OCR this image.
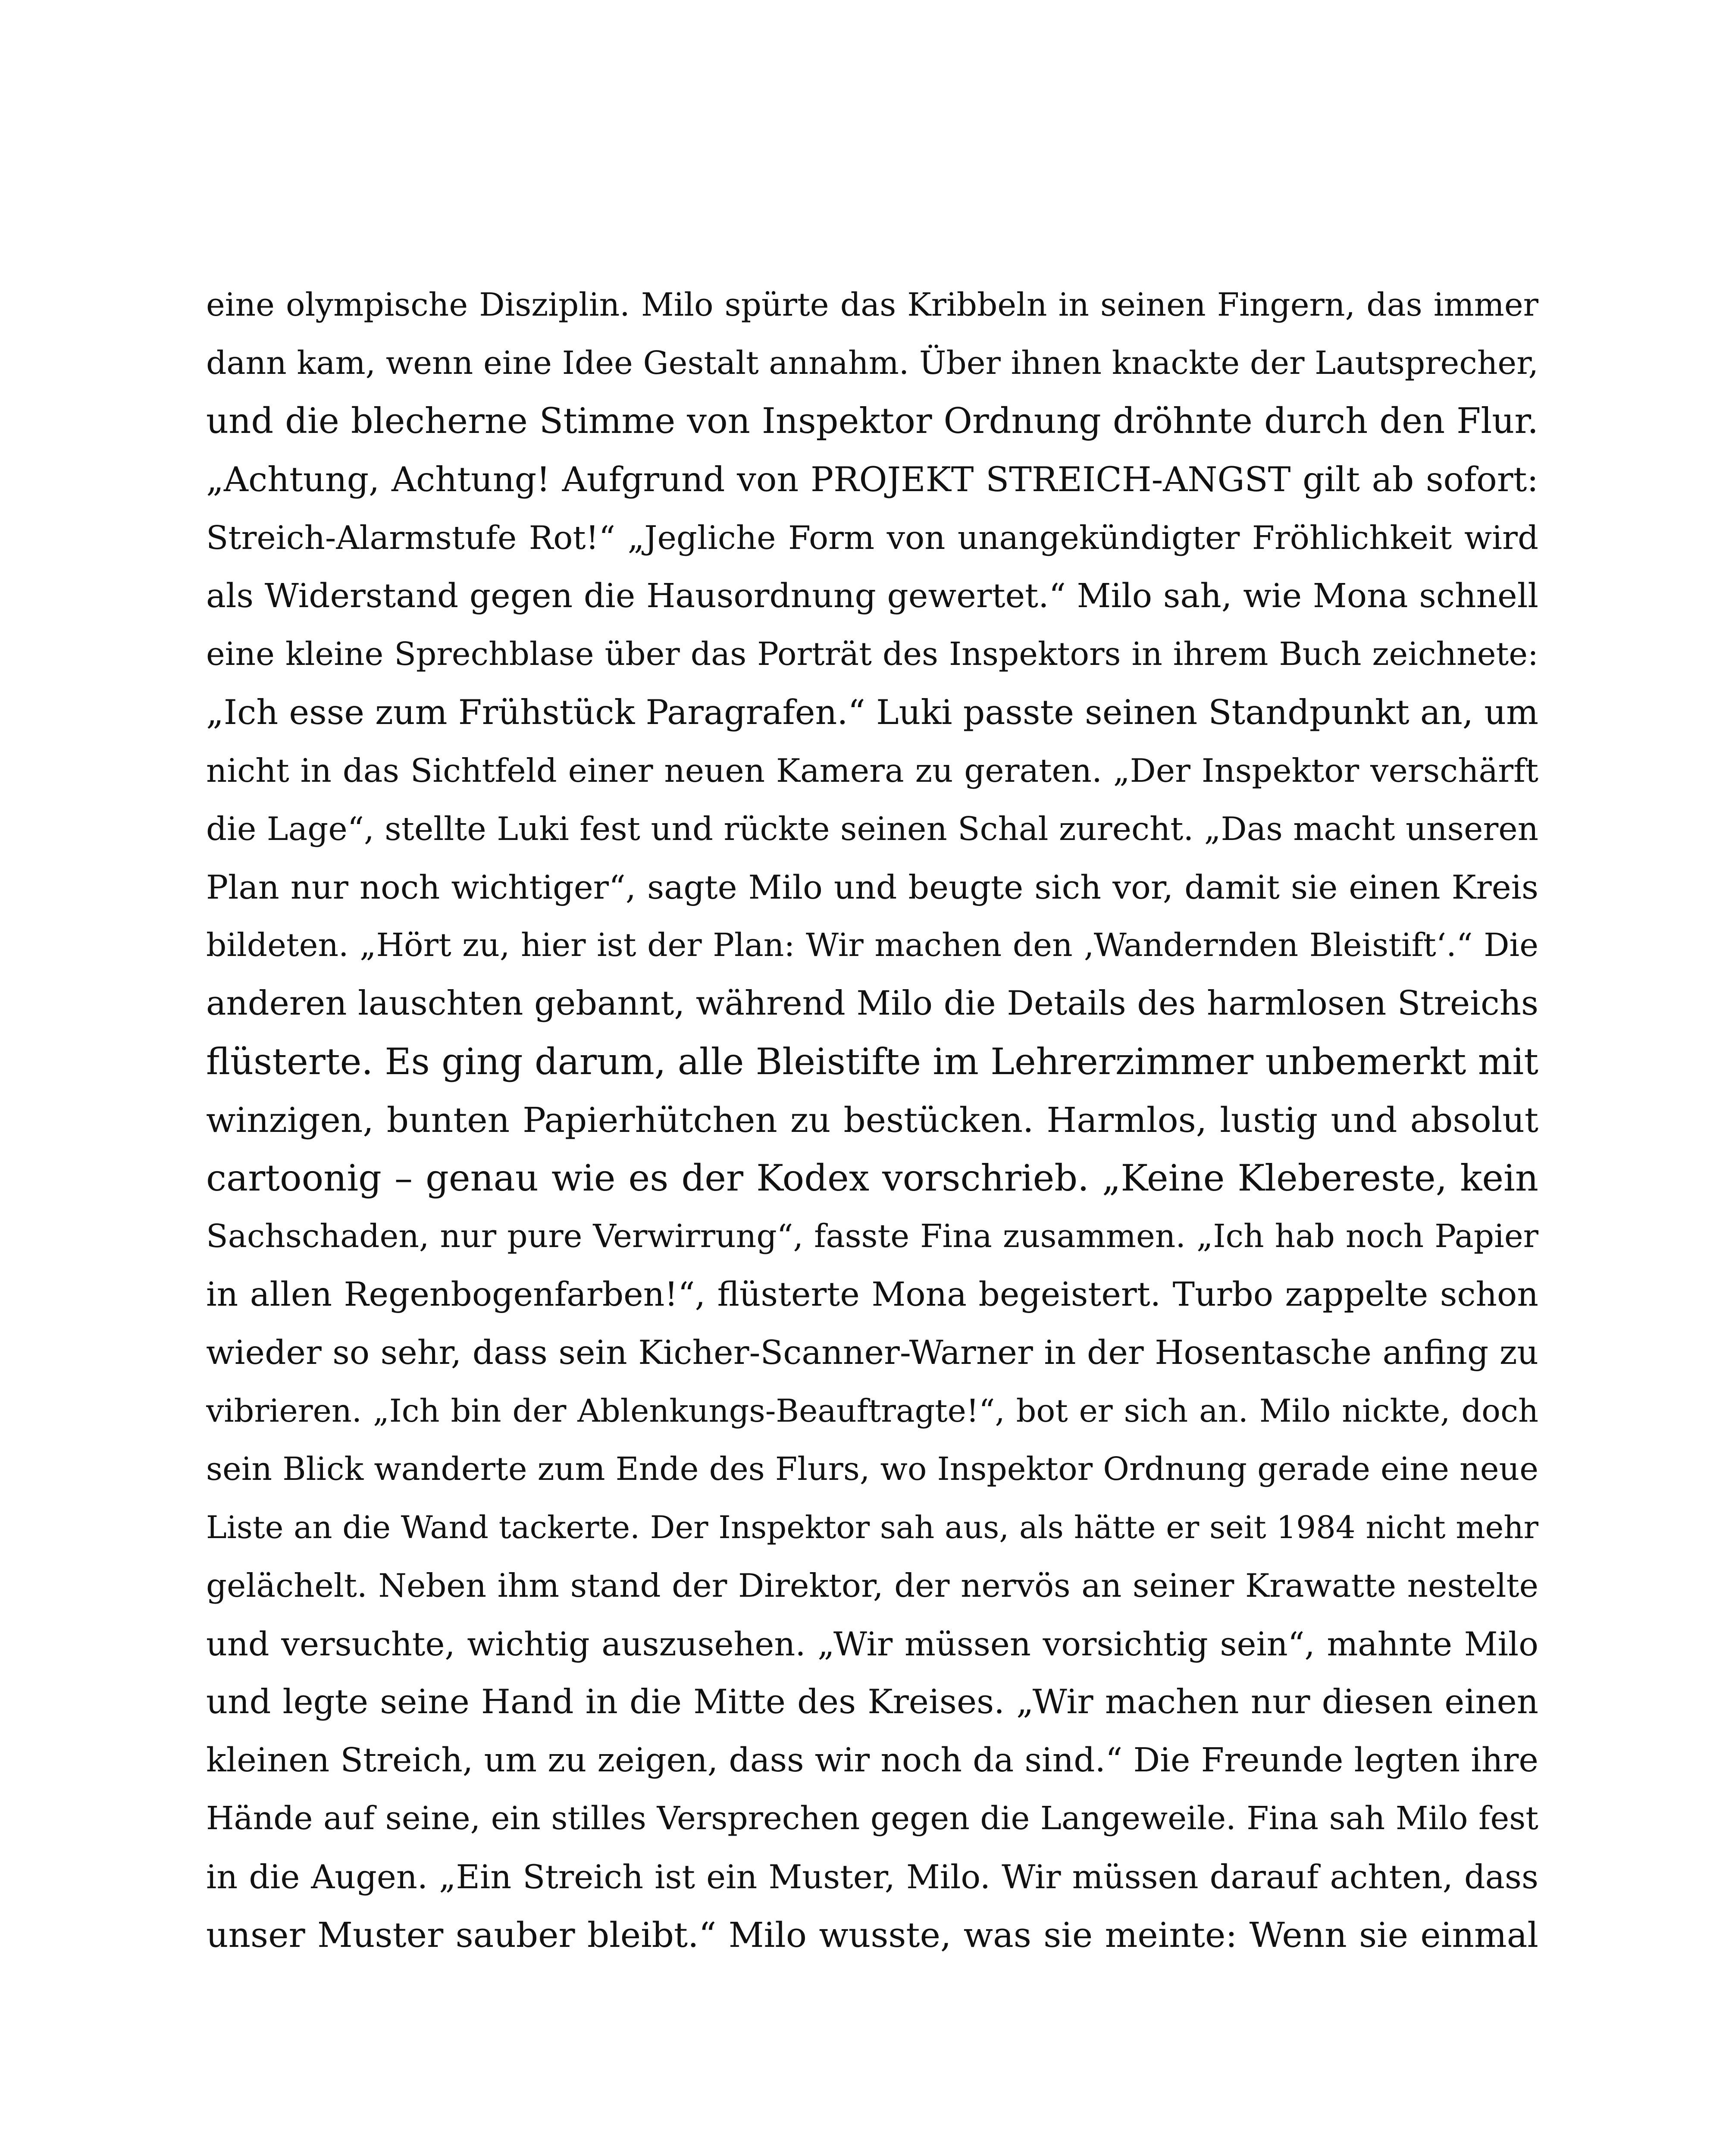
eine olympische Disziplin. Milo spürte das Kribbeln in seinen Fingern, das immer
dann kam, wenn eine Idee Gestalt annahm. Über ihnen knackte der Lautsprecher,
und die blecherne Stimme von Inspektor Ordnung dröhnte durch den Flur.
„Achtung, Achtung! Aufgrund von PROJEKT STREICH-ANGST gilt ab sofort:
Streich-Alarmstufe Rot!“ „Jegliche Form von unangekündigter Fröhlichkeit wird
als Widerstand gegen die Hausordnung gewertet.“ Milo sah, wie Mona schnell
eine kleine Sprechblase über das Porträt des Inspektors in ihrem Buch zeichnete:
„Ich esse zum Frühstück Paragrafen.“ Luki passte seinen Standpunkt an, um
nicht in das Sichtfeld einer neuen Kamera zu geraten. „Der Inspektor verschärft
die Lage“, stellte Luki fest und rückte seinen Schal zurecht. „Das macht unseren
Plan nur noch wichtiger“, sagte Milo und beugte sich vor, damit sie einen Kreis
bildeten. „Hört zu, hier ist der Plan: Wir machen den ‚Wandernden Bleistift‘.“ Die
anderen lauschten gebannt, während Milo die Details des harmlosen Streichs
flüsterte. Es ging darum, alle Bleistifte im Lehrerzimmer unbemerkt mit
winzigen, bunten Papierhütchen zu bestücken. Harmlos, lustig und absolut
cartoonig – genau wie es der Kodex vorschrieb. „Keine Klebereste, kein
Sachschaden, nur pure Verwirrung“, fasste Fina zusammen. „Ich hab noch Papier
in allen Regenbogenfarben!“, flüsterte Mona begeistert. Turbo zappelte schon
wieder so sehr, dass sein Kicher-Scanner-Warner in der Hosentasche anfing zu
vibrieren. „Ich bin der Ablenkungs-Beauftragte!“, bot er sich an. Milo nickte, doch
sein Blick wanderte zum Ende des Flurs, wo Inspektor Ordnung gerade eine neue
Liste an die Wand tackerte. Der Inspektor sah aus, als hätte er seit 1984 nicht mehr
gelächelt. Neben ihm stand der Direktor, der nervös an seiner Krawatte nestelte
und versuchte, wichtig auszusehen. „Wir müssen vorsichtig sein“, mahnte Milo
und legte seine Hand in die Mitte des Kreises. „Wir machen nur diesen einen
kleinen Streich, um zu zeigen, dass wir noch da sind.“ Die Freunde legten ihre
Hände auf seine, ein stilles Versprechen gegen die Langeweile. Fina sah Milo fest
in die Augen. „Ein Streich ist ein Muster, Milo. Wir müssen darauf achten, dass
unser Muster sauber bleibt.“ Milo wusste, was sie meinte: Wenn sie einmal
